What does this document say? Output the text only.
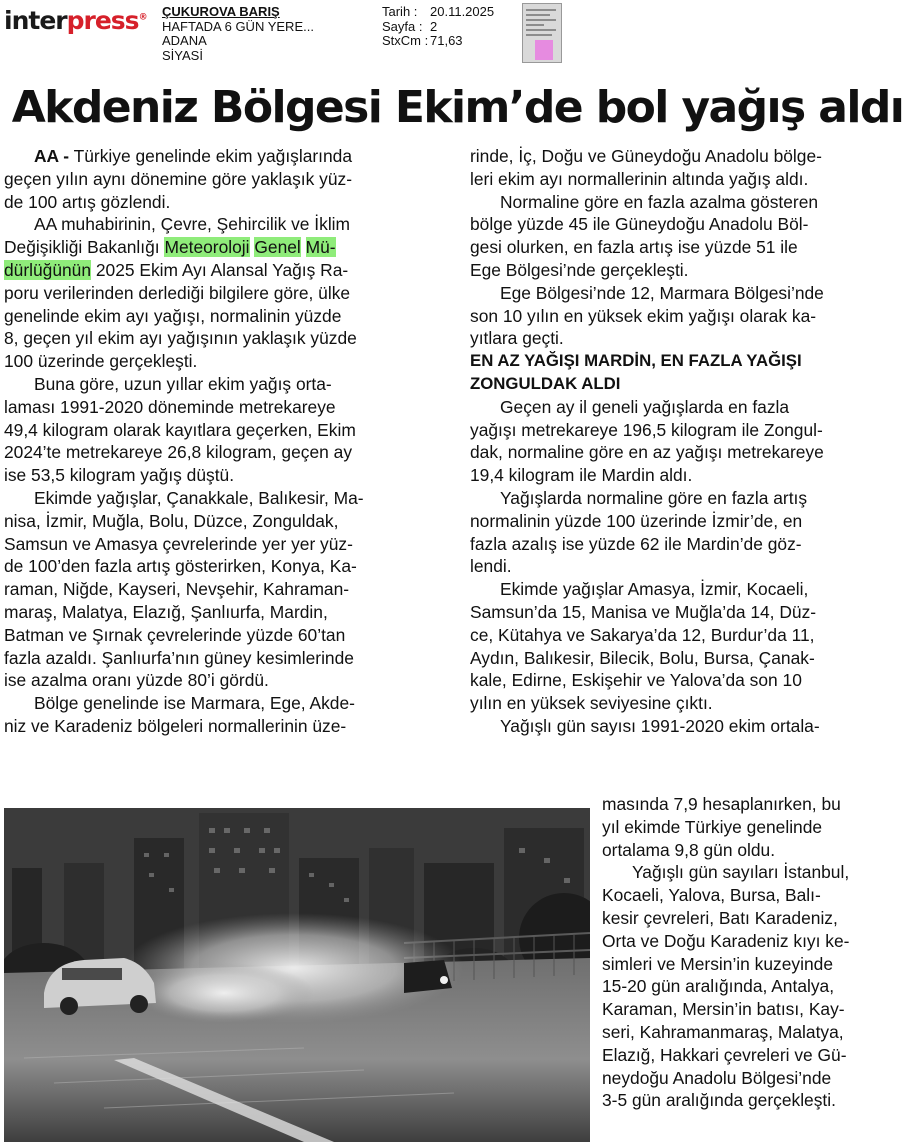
interpress® ÇUKUROVA BARIŞ
HAFTADA 6 GÜN YERE...
ADANA
SİYASİ
Tarih : 20.11.2025
Sayfa : 2
StxCm : 71,63
Akdeniz Bölgesi Ekim’de bol yağış aldı

AA - Türkiye genelinde ekim yağışlarında

geçen yılın aynı dönemine göre yaklaşık yüz-

de 100 artış gözlendi.

AA muhabirinin, Çevre, Şehircilik ve İklim

Değişikliği Bakanlığı Meteoroloji Genel Mü-

dürlüğünün 2025 Ekim Ayı Alansal Yağış Ra-

poru verilerinden derlediği bilgilere göre, ülke

genelinde ekim ayı yağışı, normalinin yüzde

8, geçen yıl ekim ayı yağışının yaklaşık yüzde

100 üzerinde gerçekleşti.

Buna göre, uzun yıllar ekim yağış orta-

laması 1991-2020 döneminde metrekareye

49,4 kilogram olarak kayıtlara geçerken, Ekim

2024’te metrekareye 26,8 kilogram, geçen ay

ise 53,5 kilogram yağış düştü.

Ekimde yağışlar, Çanakkale, Balıkesir, Ma-

nisa, İzmir, Muğla, Bolu, Düzce, Zonguldak,

Samsun ve Amasya çevrelerinde yer yer yüz-

de 100’den fazla artış gösterirken, Konya, Ka-

raman, Niğde, Kayseri, Nevşehir, Kahraman-

maraş, Malatya, Elazığ, Şanlıurfa, Mardin,

Batman ve Şırnak çevrelerinde yüzde 60’tan

fazla azaldı. Şanlıurfa’nın güney kesimlerinde

ise azalma oranı yüzde 80’i gördü.

Bölge genelinde ise Marmara, Ege, Akde-

niz ve Karadeniz bölgeleri normallerinin üze-

rinde, İç, Doğu ve Güneydoğu Anadolu bölge-

leri ekim ayı normallerinin altında yağış aldı.

Normaline göre en fazla azalma gösteren

bölge yüzde 45 ile Güneydoğu Anadolu Böl-

gesi olurken, en fazla artış ise yüzde 51 ile

Ege Bölgesi’nde gerçekleşti.

Ege Bölgesi’nde 12, Marmara Bölgesi’nde

son 10 yılın en yüksek ekim yağışı olarak ka-

yıtlara geçti.

EN AZ YAĞIŞI MARDİN, EN FAZLA YAĞIŞI

ZONGULDAK ALDI

Geçen ay il geneli yağışlarda en fazla

yağışı metrekareye 196,5 kilogram ile Zongul-

dak, normaline göre en az yağışı metrekareye

19,4 kilogram ile Mardin aldı.

Yağışlarda normaline göre en fazla artış

normalinin yüzde 100 üzerinde İzmir’de, en

fazla azalış ise yüzde 62 ile Mardin’de göz-

lendi.

Ekimde yağışlar Amasya, İzmir, Kocaeli,

Samsun’da 15, Manisa ve Muğla’da 14, Düz-

ce, Kütahya ve Sakarya’da 12, Burdur’da 11,

Aydın, Balıkesir, Bilecik, Bolu, Bursa, Çanak-

kale, Edirne, Eskişehir ve Yalova’da son 10

yılın en yüksek seviyesine çıktı.

Yağışlı gün sayısı 1991-2020 ekim ortala-

masında 7,9 hesaplanırken, bu

yıl ekimde Türkiye genelinde

ortalama 9,8 gün oldu.

Yağışlı gün sayıları İstanbul,

Kocaeli, Yalova, Bursa, Balı-

kesir çevreleri, Batı Karadeniz,

Orta ve Doğu Karadeniz kıyı ke-

simleri ve Mersin’in kuzeyinde

15-20 gün aralığında, Antalya,

Karaman, Mersin’in batısı, Kay-

seri, Kahramanmaraş, Malatya,

Elazığ, Hakkari çevreleri ve Gü-

neydoğu Anadolu Bölgesi’nde

3-5 gün aralığında gerçekleşti.
